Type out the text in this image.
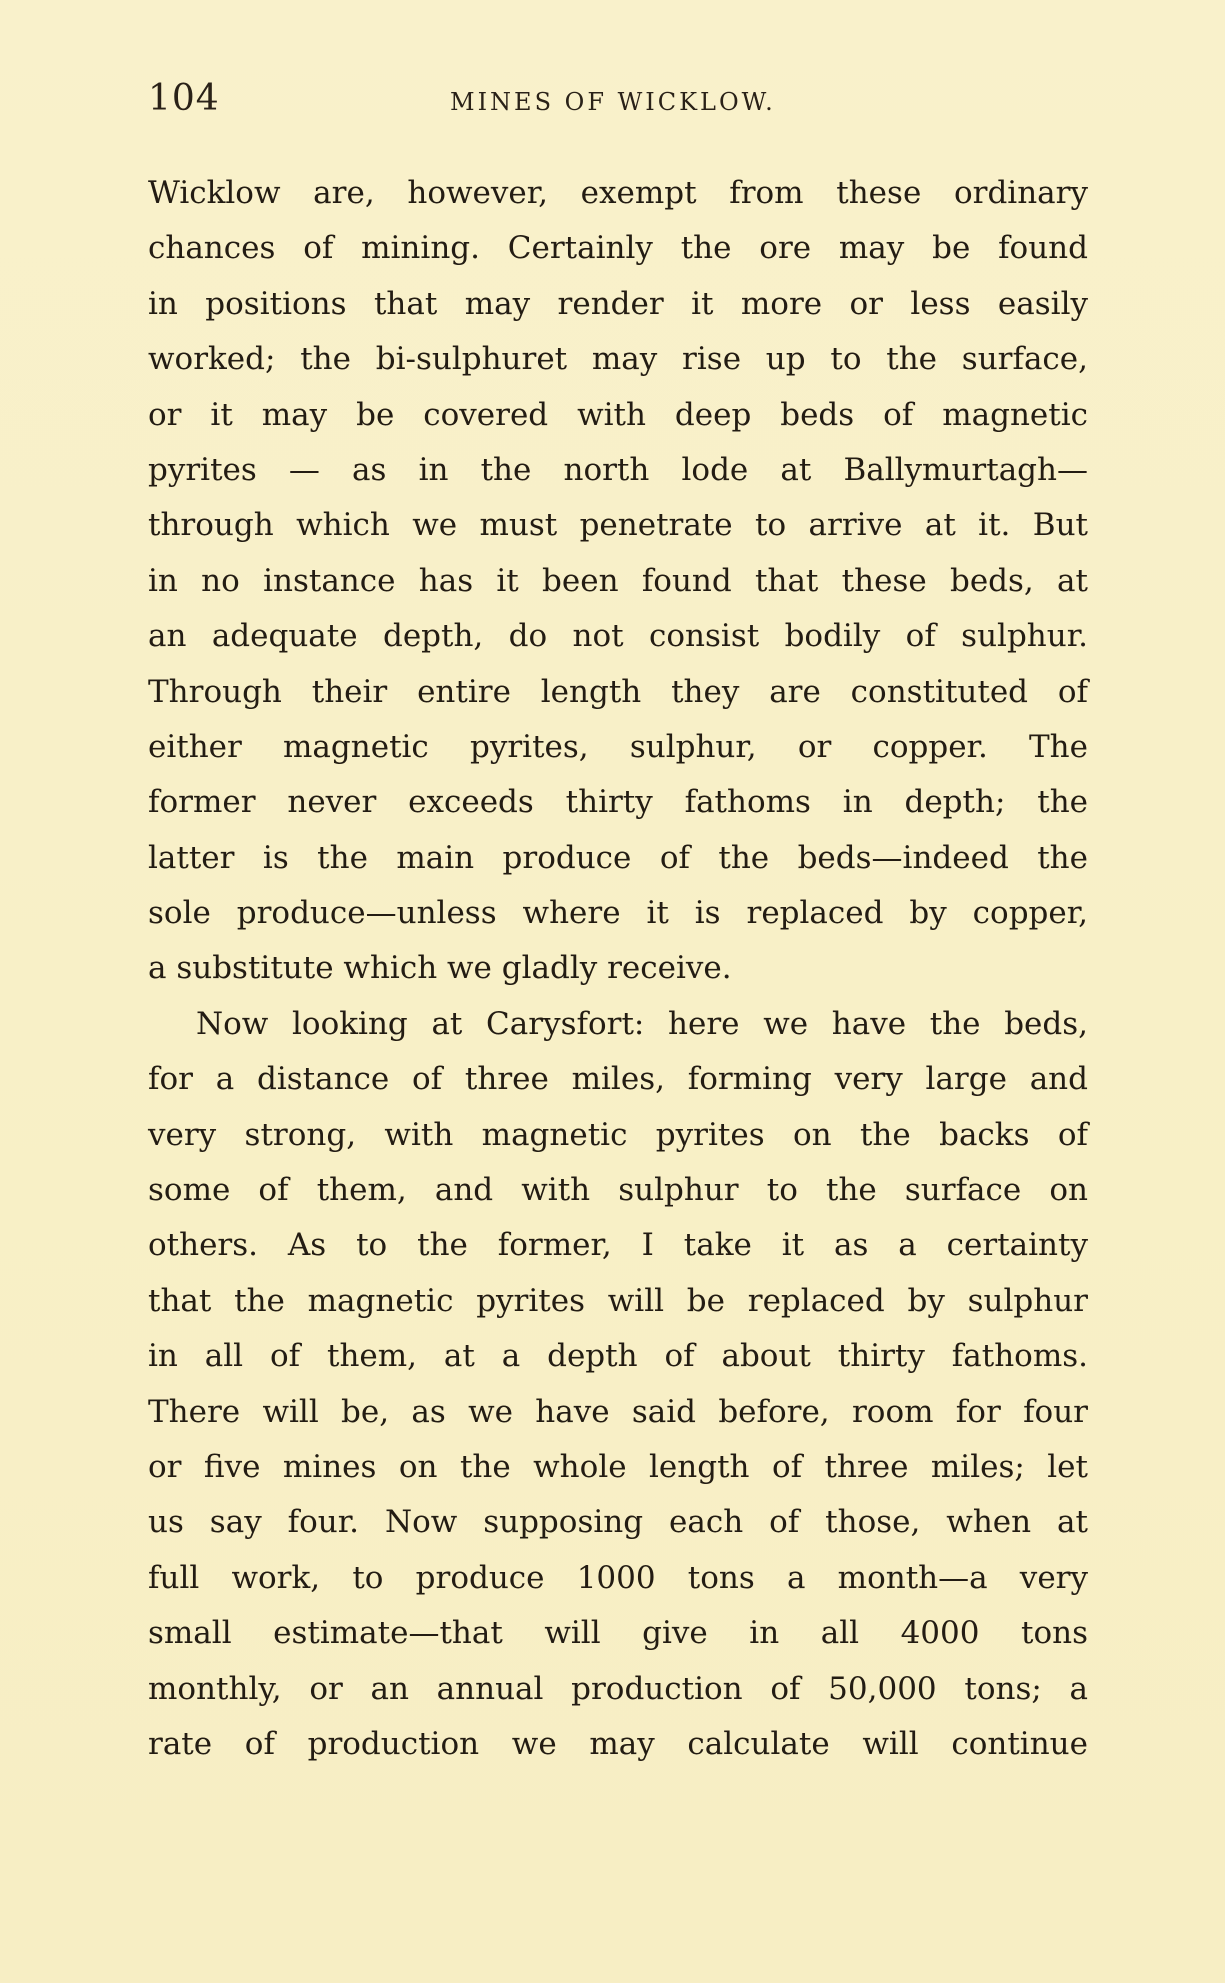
104	MINES OF WICKLOW.
Wicklow are, however, exempt from these ordinary
chances of mining. Certainly the ore may be found
in positions that may render it more or less easily
worked; the bi-sulphuret may rise up to the surface,
or it may be covered with deep beds of magnetic
pyrites — as in the north lode at Ballymurtagh—
through which we must penetrate to arrive at it. But
in no instance has it been found that these beds, at
an adequate depth, do not consist bodily of sulphur.
Through their entire length they are constituted of
either magnetic pyrites, sulphur, or copper. The
former never exceeds thirty fathoms in depth; the
latter is the main produce of the beds—indeed the
sole produce—unless where it is replaced by copper,
a substitute which we gladly receive.
Now looking at Carysfort: here we have the beds,
for a distance of three miles, forming very large and
very strong, with magnetic pyrites on the backs of
some of them, and with sulphur to the surface on
others. As to the former, I take it as a certainty
that the magnetic pyrites will be replaced by sulphur
in all of them, at a depth of about thirty fathoms.
There will be, as we have said before, room for four
or five mines on the whole length of three miles; let
us say four. Now supposing each of those, when at
full work, to produce 1000 tons a month—a very
small estimate—that will give in all 4000 tons
monthly, or an annual production of 50,000 tons; a
rate of production we may calculate will continue
